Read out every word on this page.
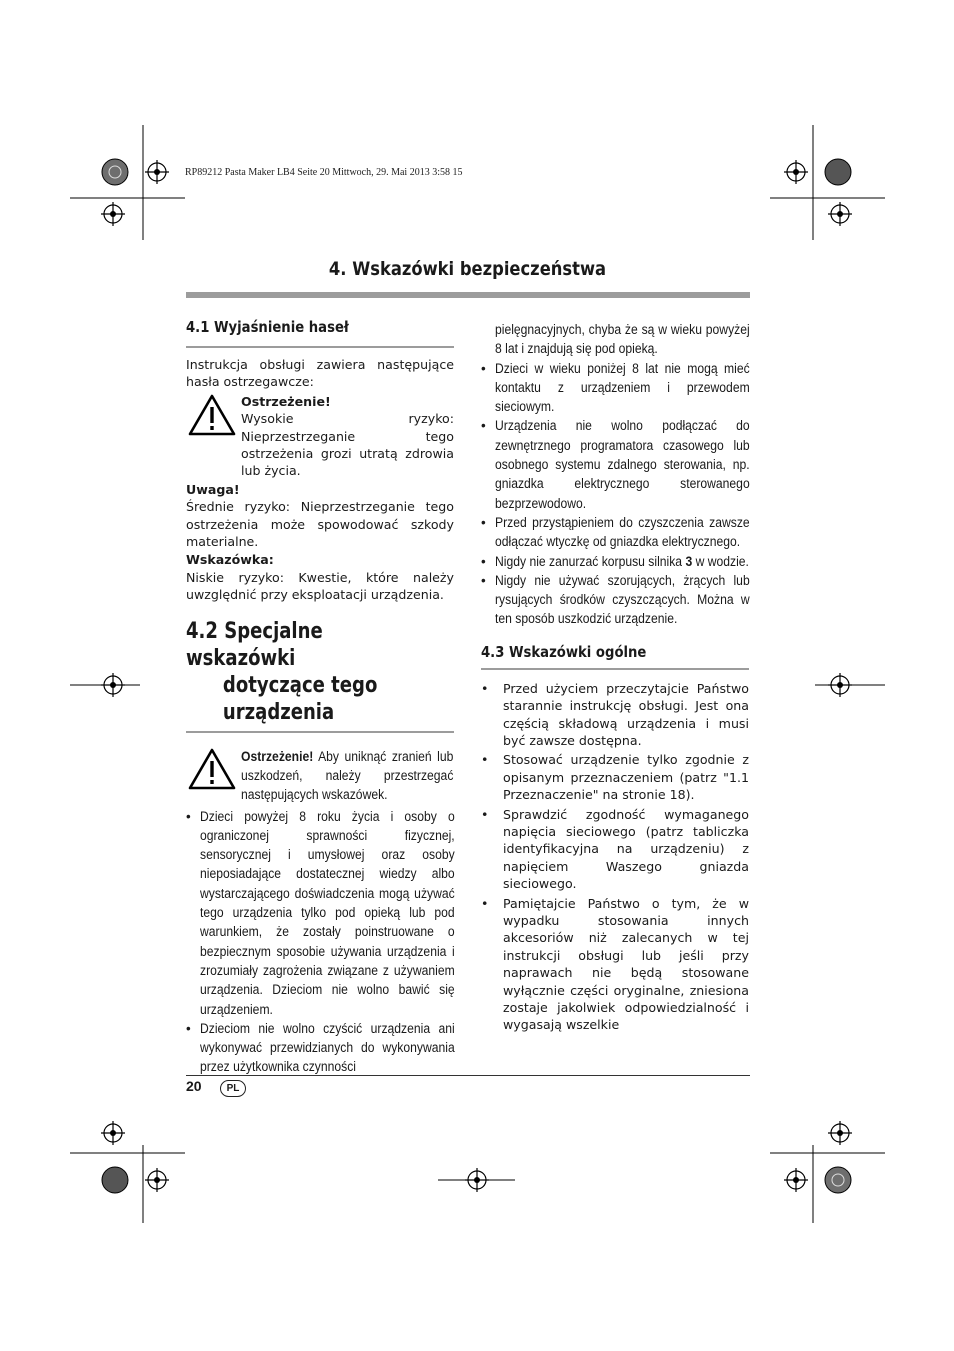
RP89212 Pasta Maker LB4 Seite 20 Mittwoch, 29. Mai 2013 3:58 15
4. Wskazówki bezpieczeństwa
4.1 Wyjaśnienie haseł
Instrukcja obsługi zawiera następujące hasła ostrzegawcze:
Ostrzeżenie!
Wysokie ryzyko: Nieprzestrzeganie tego ostrzeżenia grozi utratą zdrowia lub życia.
Uwaga!
Średnie ryzyko: Nieprzestrzeganie tego ostrzeżenia może spowodować szkody materialne.
Wskazówka:
Niskie ryzyko: Kwestie, które należy uwzględnić przy eksploatacji urządzenia.
4.2 Specjalne wskazówki
dotyczące tego urządzenia
Ostrzeżenie! Aby uniknąć zranień lub uszkodzeń, należy przestrzegać następujących wskazówek.
• Dzieci powyżej 8 roku życia i osoby o ograniczonej sprawności fizycznej, sensorycznej i umysłowej oraz osoby nieposiadające dostatecznej wiedzy albo wystarczającego doświadczenia mogą używać tego urządzenia tylko pod opieką lub pod warunkiem, że zostały poinstruowane o bezpiecznym sposobie używania urządzenia i zrozumiały zagrożenia związane z używaniem urządzenia. Dzieciom nie wolno bawić się urządzeniem.
• Dzieciom nie wolno czyścić urządzenia ani wykonywać przewidzianych do wykonywania przez użytkownika czynności
pielęgnacyjnych, chyba że są w wieku powyżej 8 lat i znajdują się pod opieką.
• Dzieci w wieku poniżej 8 lat nie mogą mieć kontaktu z urządzeniem i przewodem sieciowym.
• Urządzenia nie wolno podłączać do zewnętrznego programatora czasowego lub osobnego systemu zdalnego sterowania, np. gniazdka elektrycznego sterowanego bezprzewodowo.
• Przed przystąpieniem do czyszczenia zawsze odłączać wtyczkę od gniazdka elektrycznego.
• Nigdy nie zanurzać korpusu silnika 3 w wodzie.
• Nigdy nie używać szorujących, żrących lub rysujących środków czyszczących. Można w ten sposób uszkodzić urządzenie.
4.3 Wskazówki ogólne
• Przed użyciem przeczytajcie Państwo starannie instrukcję obsługi. Jest ona częścią składową urządzenia i musi być zawsze dostępna.
• Stosować urządzenie tylko zgodnie z opisanym przeznaczeniem (patrz "1.1 Przeznaczenie" na stronie 18).
• Sprawdzić zgodność wymaganego napięcia sieciowego (patrz tabliczka identyfikacyjna na urządzeniu) z napięciem Waszego gniazda sieciowego.
• Pamiętajcie Państwo o tym, że w wypadku stosowania innych akcesoriów niż zalecanych w tej instrukcji obsługi lub jeśli przy naprawach nie będą stosowane wyłącznie części oryginalne, zniesiona zostaje jakolwiek odpowiedzialność i wygasają wszelkie
20	PL
